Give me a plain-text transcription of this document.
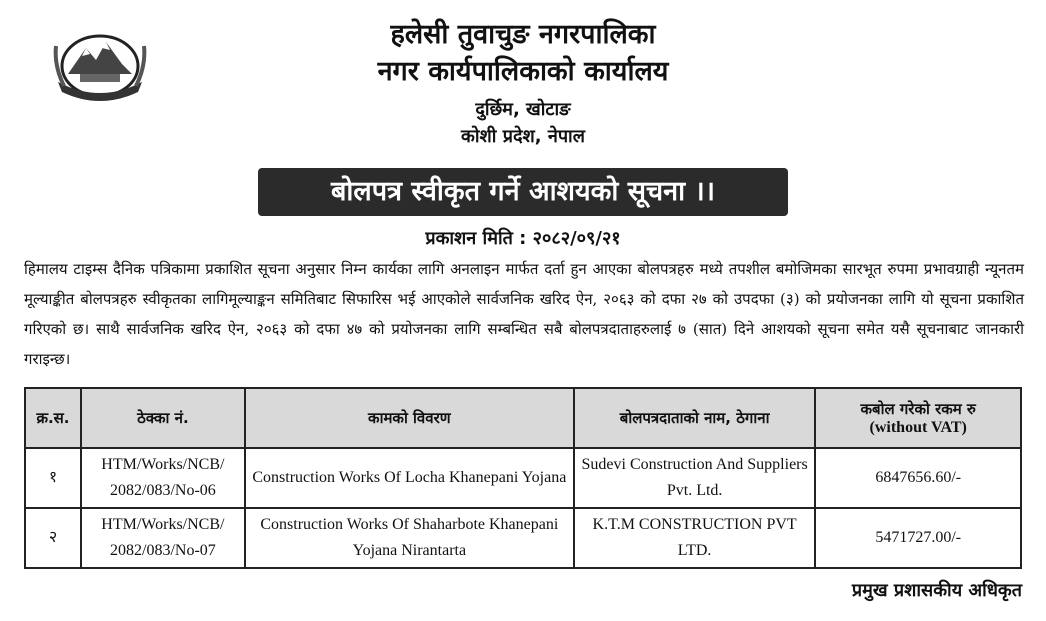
हलेसी तुवाचुङ नगरपालिका
नगर कार्यपालिकाको कार्यालय
दुर्छिम, खोटाङ
कोशी प्रदेश, नेपाल
बोलपत्र स्वीकृत गर्ने आशयको सूचना ।।
प्रकाशन मिति : २०८२/०९/२१
हिमालय टाइम्स दैनिक पत्रिकामा प्रकाशित सूचना अनुसार निम्न कार्यका लागि अनलाइन मार्फत दर्ता हुन आएका बोलपत्रहरु मध्ये तपशील बमोजिमका सारभूत रुपमा प्रभावग्राही न्यूनतम मूल्याङ्कीत बोलपत्रहरु स्वीकृतका लागिमूल्याङ्कन समितिबाट सिफारिस भई आएकोले सार्वजनिक खरिद ऐन, २०६३ को दफा २७ को उपदफा (३) को प्रयोजनका लागि यो सूचना प्रकाशित गरिएको छ। साथै सार्वजनिक खरिद ऐन, २०६३ को दफा ४७ को प्रयोजनका लागि सम्बन्धित सबै बोलपत्रदाताहरुलाई ७ (सात) दिने आशयको सूचना समेत यसै सूचनाबाट जानकारी गराइन्छ।
क्र.स.	ठेक्का नं.	कामको विवरण	बोलपत्रदाताको नाम, ठेगाना	कबोल गरेको रकम रु
(without VAT)

१	HTM/Works/NCB/ 2082/083/No-06	Construction Works Of Locha Khanepani Yojana	Sudevi Construction And Suppliers Pvt. Ltd.	6847656.60/-
२	HTM/Works/NCB/ 2082/083/No-07	Construction Works Of Shaharbote Khanepani Yojana Nirantarta	K.T.M CONSTRUCTION PVT LTD.	5471727.00/-
प्रमुख प्रशासकीय अधिकृत
